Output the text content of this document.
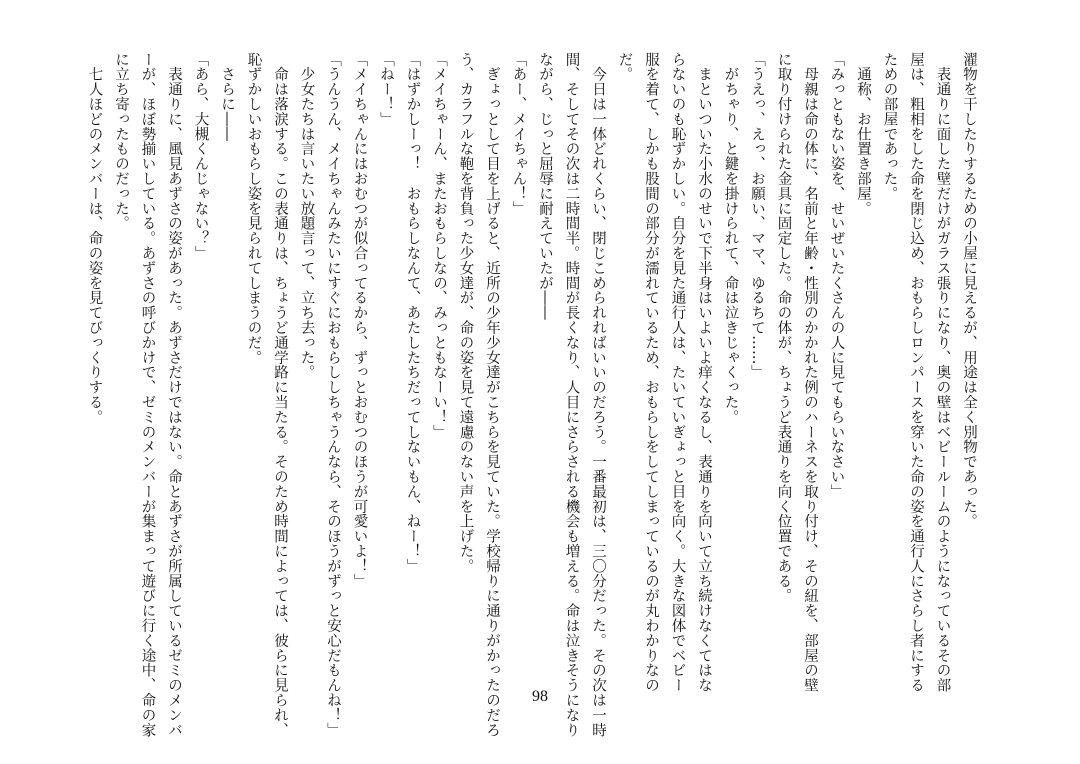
濯物を干したりするための小屋に見えるが、用途は全く別物であった。
　表通りに面した壁だけがガラス張りになり、奥の壁はベビールームのようになっているその部
屋は、粗相をした命を閉じ込め、おもらしロンパースを穿いた命の姿を通行人にさらし者にする
ための部屋であった。
　通称、お仕置き部屋。
「みっともない姿を、せいぜいたくさんの人に見てもらいなさい」
　母親は命の体に、名前と年齢・性別のかかれた例のハーネスを取り付け、その紐を、部屋の壁
に取り付けられた金具に固定した。命の体が、ちょうど表通りを向く位置である。
「うえっ、えっ、お願い、ママ、ゆるちて……」
　がちゃり、と鍵を掛けられて、命は泣きじゃくった。
　まといついた小水のせいで下半身はいよいよ痒くなるし、表通りを向いて立ち続けなくてはな
らないのも恥ずかしい。自分を見た通行人は、たいていぎょっと目を向く。大きな図体でベビー
服を着て、しかも股間の部分が濡れているため、おもらしをしてしまっているのが丸わかりなの
だ。
　今日は一体どれくらい、閉じこめられればいいのだろう。一番最初は、三〇分だった。その次は一時
間、そしてその次は二時間半。時間が長くなり、人目にさらされる機会も増える。命は泣きそうになり
ながら、じっと屈辱に耐えていたが――
「あー、メイちゃん！」
　ぎょっとして目を上げると、近所の少年少女達がこちらを見ていた。学校帰りに通りがかったのだろ
う、カラフルな鞄を背負った少女達が、命の姿を見て遠慮のない声を上げた。
「メイちゃーん、またおもらしなの、みっともなーい！」
「はずかしーっ！　おもらしなんて、あたしたちだってしないもん、ねー！」
「ねー！」
「メイちゃんにはおむつが似合ってるから、ずっとおむつのほうが可愛いよ！」
「うんうん、メイちゃんみたいにすぐにおもらししちゃうんなら、そのほうがずっと安心だもんね！」
　少女たちは言いたい放題言って、立ち去った。
　命は落涙する。この表通りは、ちょうど通学路に当たる。そのため時間によっては、彼らに見られ、
恥ずかしいおもらし姿を見られてしまうのだ。
　さらに――
「あら、大槻くんじゃない？」
　表通りに、風見あずさの姿があった。あずさだけではない。命とあずさが所属しているゼミのメンバ
ーが、ほぼ勢揃いしている。あずさの呼びかけで、ゼミのメンバーが集まって遊びに行く途中、命の家
に立ち寄ったものだった。
　七人ほどのメンバーは、命の姿を見てびっくりする。
98
